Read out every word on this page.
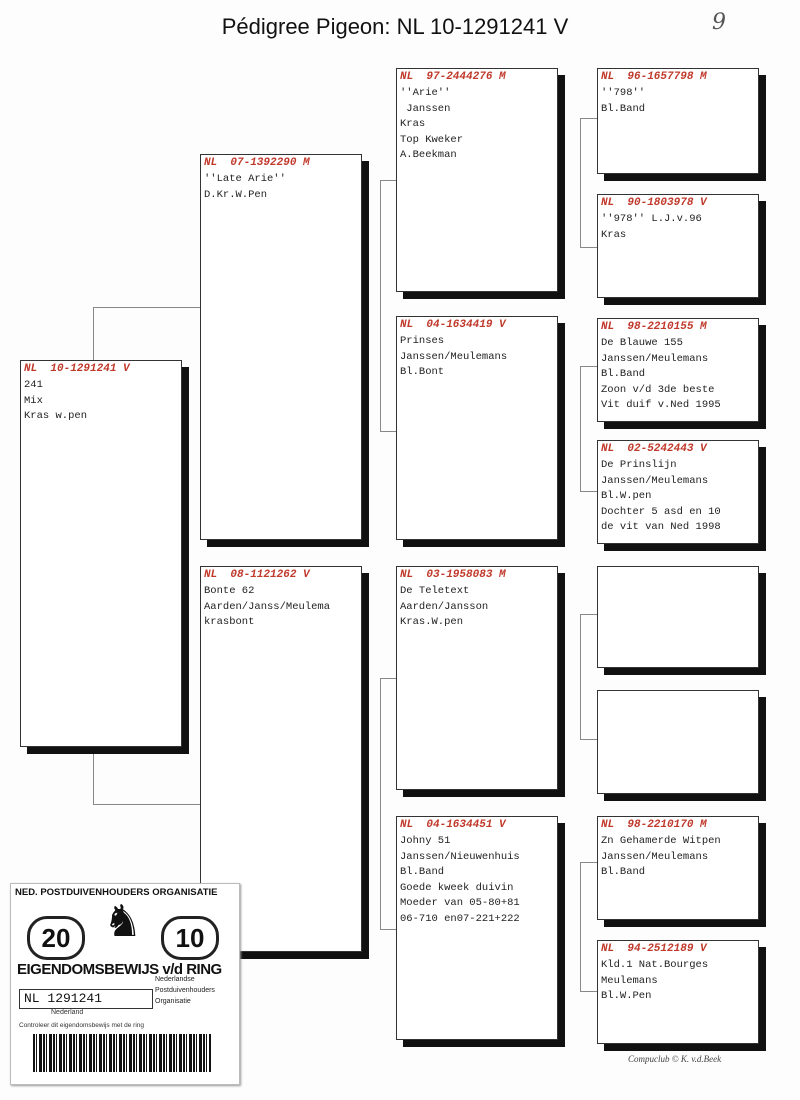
Pédigree Pigeon: NL 10-1291241 V	9
NL  10-1291241 V
241
Mix
Kras w.pen
NL  07-1392290 M
''Late Arie''
D.Kr.W.Pen
NL  08-1121262 V
Bonte 62
Aarden/Janss/Meulema
krasbont
NL  97-2444276 M
''Arie''
Janssen
Kras
Top Kweker
A.Beekman
NL  04-1634419 V
Prinses
Janssen/Meulemans
Bl.Bont
NL  03-1958083 M
De Teletext
Aarden/Jansson
Kras.W.pen
NL  04-1634451 V
Johny 51
Janssen/Nieuwenhuis
Bl.Band
Goede kweek duivin
Moeder van 05-80+81
06-710 en07-221+222
NL  96-1657798 M
''798''
Bl.Band
NL  90-1803978 V
''978'' L.J.v.96
Kras
NL  98-2210155 M
De Blauwe 155
Janssen/Meulemans
Bl.Band
Zoon v/d 3de beste
Vit duif v.Ned 1995
NL  02-5242443 V
De Prinslijn
Janssen/Meulemans
Bl.W.pen
Dochter 5 asd en 10
de vit van Ned 1998
NL  98-2210170 M
Zn Gehamerde Witpen
Janssen/Meulemans
Bl.Band
NL  94-2512189 V
Kld.1 Nat.Bourges
Meulemans
Bl.W.Pen
Compuclub © K. v.d.Beek
NED. POSTDUIVENHOUDERS ORGANISATIE
20 ♞	10
EIGENDOMSBEWIJS v/d RING
NL 1291241
Nederland
Nederlandse
Postduivenhouders
Organisatie
Controleer dit eigendomsbewijs met de ring
